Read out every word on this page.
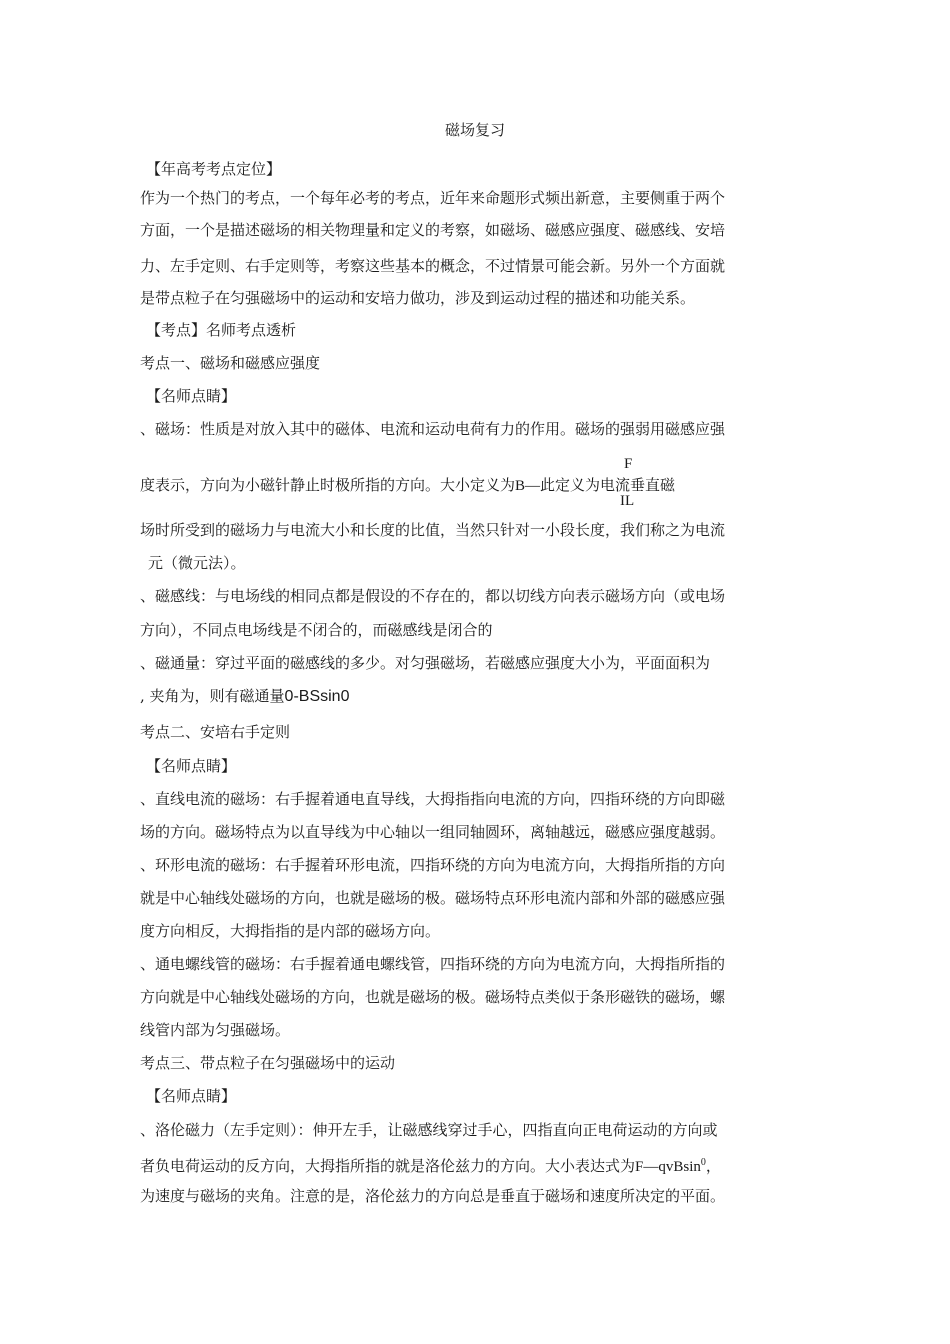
磁场复习
【年高考考点定位】
作为一个热门的考点，一个每年必考的考点，近年来命题形式频出新意，主要侧重于两个
方面，一个是描述磁场的相关物理量和定义的考察，如磁场、磁感应强度、磁感线、安培
力、左手定则、右手定则等，考察这些基本的概念，不过情景可能会新。另外一个方面就
是带点粒子在匀强磁场中的运动和安培力做功，涉及到运动过程的描述和功能关系。
【考点】名师考点透析
考点一、磁场和磁感应强度
【名师点睛】
、磁场：性质是对放入其中的磁体、电流和运动电荷有力的作用。磁场的强弱用磁感应强
度表示，方向为小磁针静止时极所指的方向。大小定义为B—此定义为电流垂直磁
F
IL
场时所受到的磁场力与电流大小和长度的比值，当然只针对一小段长度，我们称之为电流
元（微元法）。
、磁感线：与电场线的相同点都是假设的不存在的，都以切线方向表示磁场方向（或电场
方向），不同点电场线是不闭合的，而磁感线是闭合的
、磁通量：穿过平面的磁感线的多少。对匀强磁场，若磁感应强度大小为，平面面积为
, 夹角为，则有磁通量0-BSsin0
考点二、安培右手定则
【名师点睛】
、直线电流的磁场：右手握着通电直导线，大拇指指向电流的方向，四指环绕的方向即磁
场的方向。磁场特点为以直导线为中心轴以一组同轴圆环，离轴越远，磁感应强度越弱。
、环形电流的磁场：右手握着环形电流，四指环绕的方向为电流方向，大拇指所指的方向
就是中心轴线处磁场的方向，也就是磁场的极。磁场特点环形电流内部和外部的磁感应强
度方向相反，大拇指指的是内部的磁场方向。
、通电螺线管的磁场：右手握着通电螺线管，四指环绕的方向为电流方向，大拇指所指的
方向就是中心轴线处磁场的方向，也就是磁场的极。磁场特点类似于条形磁铁的磁场，螺
线管内部为匀强磁场。
考点三、带点粒子在匀强磁场中的运动
【名师点睛】
、洛伦磁力（左手定则）：伸开左手，让磁感线穿过手心，四指直向正电荷运动的方向或
者负电荷运动的反方向，大拇指所指的就是洛伦兹力的方向。大小表达式为F—qvBsin$^0$，
为速度与磁场的夹角。注意的是，洛伦兹力的方向总是垂直于磁场和速度所决定的平面。
